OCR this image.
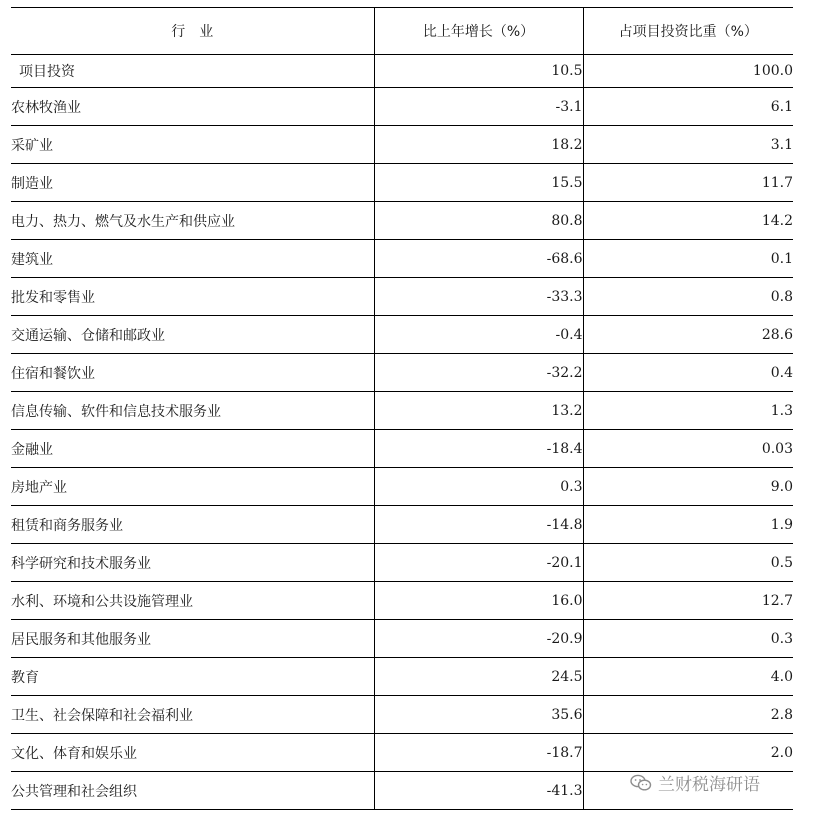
行　业	比上年增长（%）	占项目投资比重（%）
项目投资	10.5	100.0
农林牧渔业	-3.1	6.1
采矿业	18.2	3.1
制造业	15.5	11.7
电力、热力、燃气及水生产和供应业	80.8	14.2
建筑业	-68.6	0.1
批发和零售业	-33.3	0.8
交通运输、仓储和邮政业	-0.4	28.6
住宿和餐饮业	-32.2	0.4
信息传输、软件和信息技术服务业	13.2	1.3
金融业	-18.4	0.03
房地产业	0.3	9.0
租赁和商务服务业	-14.8	1.9
科学研究和技术服务业	-20.1	0.5
水利、环境和公共设施管理业	16.0	12.7
居民服务和其他服务业	-20.9	0.3
教育	24.5	4.0
卫生、社会保障和社会福利业	35.6	2.8
文化、体育和娱乐业	-18.7	2.0
公共管理和社会组织	-41.3		兰财税海研语
